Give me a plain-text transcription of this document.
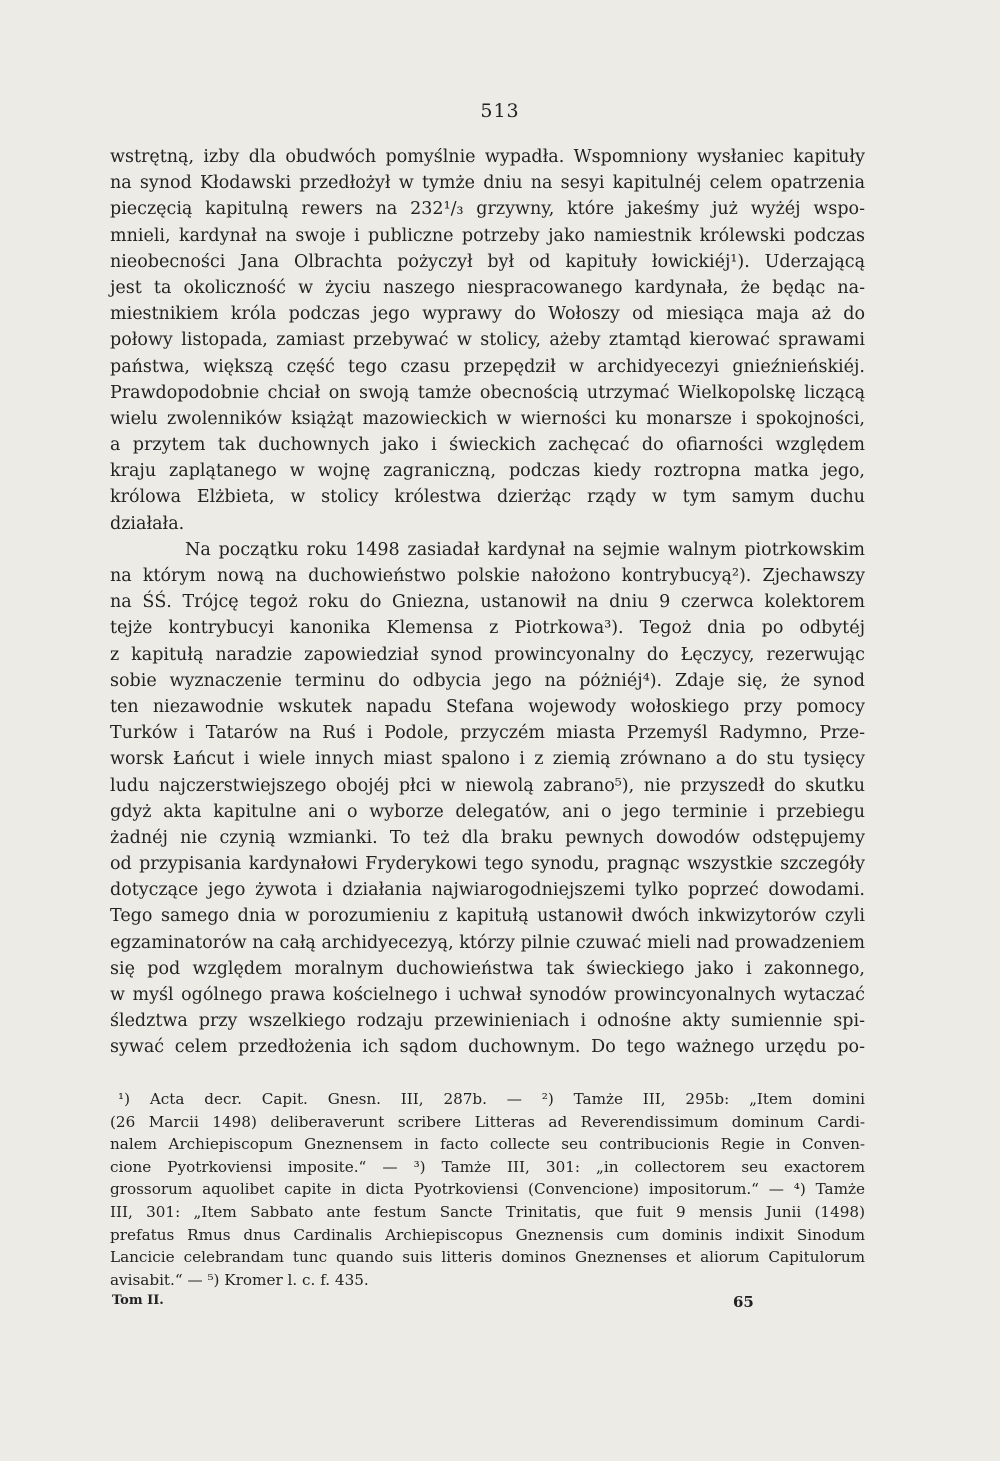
513
wstrętną, izby dla obudwóch pomyślnie wypadła. Wspomniony wysłaniec kapituły
na synod Kłodawski przedłożył w tymże dniu na sesyi kapitulnéj celem opatrzenia
pieczęcią kapitulną rewers na 232¹/₃ grzywny, które jakeśmy już wyżéj wspo-
mnieli, kardynał na swoje i publiczne potrzeby jako namiestnik królewski podczas
nieobecności Jana Olbrachta pożyczył był od kapituły łowickiéj¹). Uderzającą
jest ta okoliczność w życiu naszego niespracowanego kardynała, że będąc na-
miestnikiem króla podczas jego wyprawy do Wołoszy od miesiąca maja aż do
połowy listopada, zamiast przebywać w stolicy, ażeby ztamtąd kierować sprawami
państwa, większą część tego czasu przepędził w archidyecezyi gnieźnieńskiéj.
Prawdopodobnie chciał on swoją tamże obecnością utrzymać Wielkopolskę liczącą
wielu zwolenników książąt mazowieckich w wierności ku monarsze i spokojności,
a przytem tak duchownych jako i świeckich zachęcać do ofiarności względem
kraju zaplątanego w wojnę zagraniczną, podczas kiedy roztropna matka jego,
królowa Elżbieta, w stolicy królestwa dzierżąc rządy w tym samym duchu
działała.
Na początku roku 1498 zasiadał kardynał na sejmie walnym piotrkowskim
na którym nową na duchowieństwo polskie nałożono kontrybucyą²). Zjechawszy
na ŚŚ. Trójcę tegoż roku do Gniezna, ustanowił na dniu 9 czerwca kolektorem
tejże kontrybucyi kanonika Klemensa z Piotrkowa³). Tegoż dnia po odbytéj
z kapitułą naradzie zapowiedział synod prowincyonalny do Łęczycy, rezerwując
sobie wyznaczenie terminu do odbycia jego na póżniéj⁴). Zdaje się, że synod
ten niezawodnie wskutek napadu Stefana wojewody wołoskiego przy pomocy
Turków i Tatarów na Ruś i Podole, przyczém miasta Przemyśl Radymno, Prze-
worsk Łańcut i wiele innych miast spalono i z ziemią zrównano a do stu tysięcy
ludu najczerstwiejszego obojéj płci w niewolą zabrano⁵), nie przyszedł do skutku
gdyż akta kapitulne ani o wyborze delegatów, ani o jego terminie i przebiegu
żadnéj nie czynią wzmianki. To też dla braku pewnych dowodów odstępujemy
od przypisania kardynałowi Fryderykowi tego synodu, pragnąc wszystkie szczegóły
dotyczące jego żywota i działania najwiarogodniejszemi tylko poprzeć dowodami.
Tego samego dnia w porozumieniu z kapitułą ustanowił dwóch inkwizytorów czyli
egzaminatorów na całą archidyecezyą, którzy pilnie czuwać mieli nad prowadzeniem
się pod względem moralnym duchowieństwa tak świeckiego jako i zakonnego,
w myśl ogólnego prawa kościelnego i uchwał synodów prowincyonalnych wytaczać
śledztwa przy wszelkiego rodzaju przewinieniach i odnośne akty sumiennie spi-
sywać celem przedłożenia ich sądom duchownym. Do tego ważnego urzędu po-
¹) Acta decr. Capit. Gnesn. III, 287b. — ²) Tamże III, 295b: „Item domini
(26 Marcii 1498) deliberaverunt scribere Litteras ad Reverendissimum dominum Cardi-
nalem Archiepiscopum Gneznensem in facto collecte seu contribucionis Regie in Conven-
cione Pyotrkoviensi imposite.“ — ³) Tamże III, 301: „in collectorem seu exactorem
grossorum aquolibet capite in dicta Pyotrkoviensi (Convencione) impositorum.“ — ⁴) Tamże
III, 301: „Item Sabbato ante festum Sancte Trinitatis, que fuit 9 mensis Junii (1498)
prefatus Rmus dnus Cardinalis Archiepiscopus Gneznensis cum dominis indixit Sinodum
Lancicie celebrandam tunc quando suis litteris dominos Gneznenses et aliorum Capitulorum
avisabit.“ — ⁵) Kromer l. c. f. 435.
Tom II.	65
